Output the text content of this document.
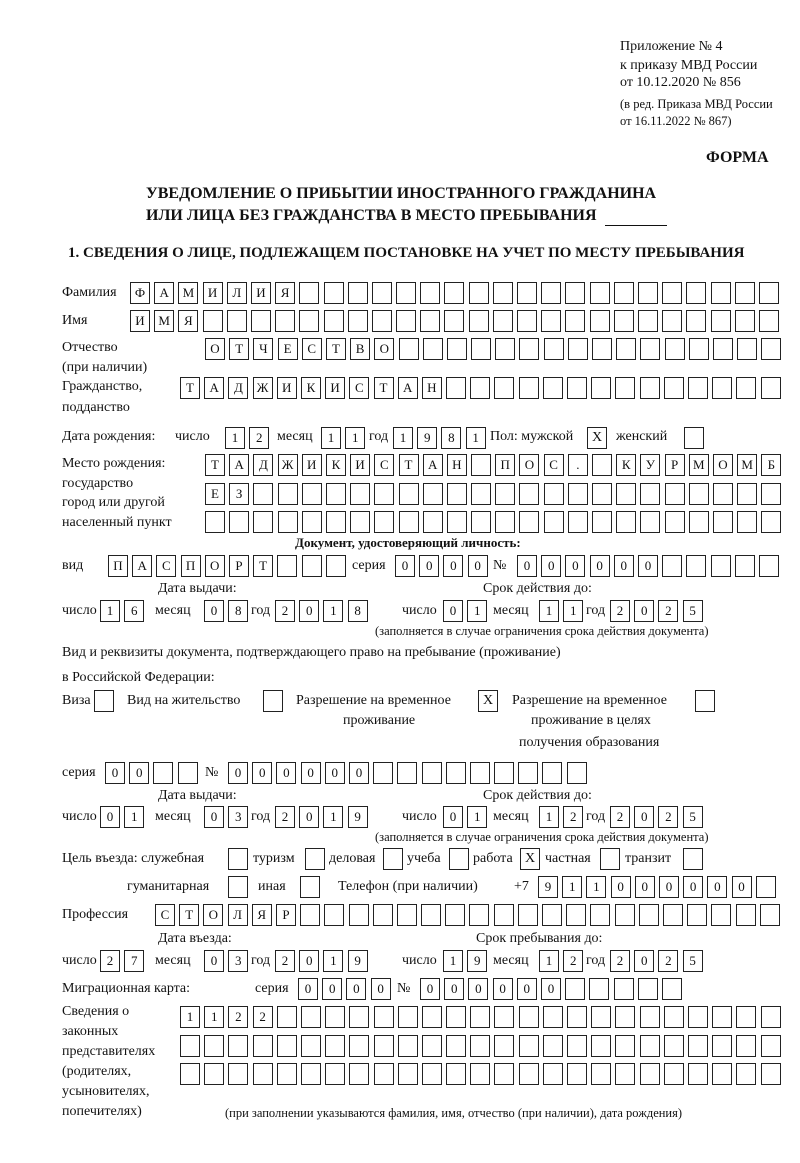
Приложение № 4
к приказу МВД России
от 10.12.2020 № 856
(в ред. Приказа МВД России
от 16.11.2022 № 867)
ФОРМА
УВЕДОМЛЕНИЕ О ПРИБЫТИИ ИНОСТРАННОГО ГРАЖДАНИНА
ИЛИ ЛИЦА БЕЗ ГРАЖДАНСТВА В МЕСТО ПРЕБЫВАНИЯ
1. СВЕДЕНИЯ О ЛИЦЕ, ПОДЛЕЖАЩЕМ ПОСТАНОВКЕ НА УЧЕТ ПО МЕСТУ ПРЕБЫВАНИЯ
Фамилия	Ф	А	М	И	Л	И	Я
Имя	И	М	Я
Отчество
(при наличии)
О	Т	Ч	Е	С	Т	В	О
Гражданство,
подданство
Т	А	Д	Ж	И	К	И	С	Т	А	Н
Дата рождения: число	1	2	месяц	1	1 год 1	9	8	1 Пол: мужской	X женский
Место рождения:
государство
город или другой
населенный пункт
Т	А	Д	Ж	И	К	И	С	Т	А	Н	П	О	С	.	К	У	Р	М	О	М	Б
Е	З
Документ, удостоверяющий личность:
вид	П	А	С	П	О	Р	Т	серия	0	0	0	0 №	0	0	0	0	0	0
Дата выдачи:	Срок действия до:
число 1	6	месяц	0	8 год 2	0	1	8	число	0	1 месяц	1	1 год 2	0	2	5
(заполняется в случае ограничения срока действия документа)
Вид и реквизиты документа, подтверждающего право на пребывание (проживание)
в Российской Федерации:
Виза	Вид на жительство	Разрешение на временное
проживание
X	Разрешение на временное
проживание в целях
получения образования
серия	0	0	№	0	0	0	0	0	0
Дата выдачи:	Срок действия до:
число 0	1	месяц	0	3 год 2	0	1	9	число	0	1 месяц	1	2 год 2	0	2	5
(заполняется в случае ограничения срока действия документа)
Цель въезда: служебная	туризм деловая учеба работа X частная транзит
гуманитарная	иная	Телефон (при наличии)	+7	9	1	1	0	0	0	0	0	0
Профессия	С	Т	О	Л	Я	Р
Дата въезда:	Срок пребывания до:
число 2	7	месяц	0	3 год 2	0	1	9	число	1	9 месяц	1	2 год 2	0	2	5
Миграционная карта:	серия	0	0	0	0 №	0	0	0	0	0	0
Сведения о
законных
представителях
(родителях,
усыновителях,
попечителях)
1	1	2	2
(при заполнении указываются фамилия, имя, отчество (при наличии), дата рождения)
